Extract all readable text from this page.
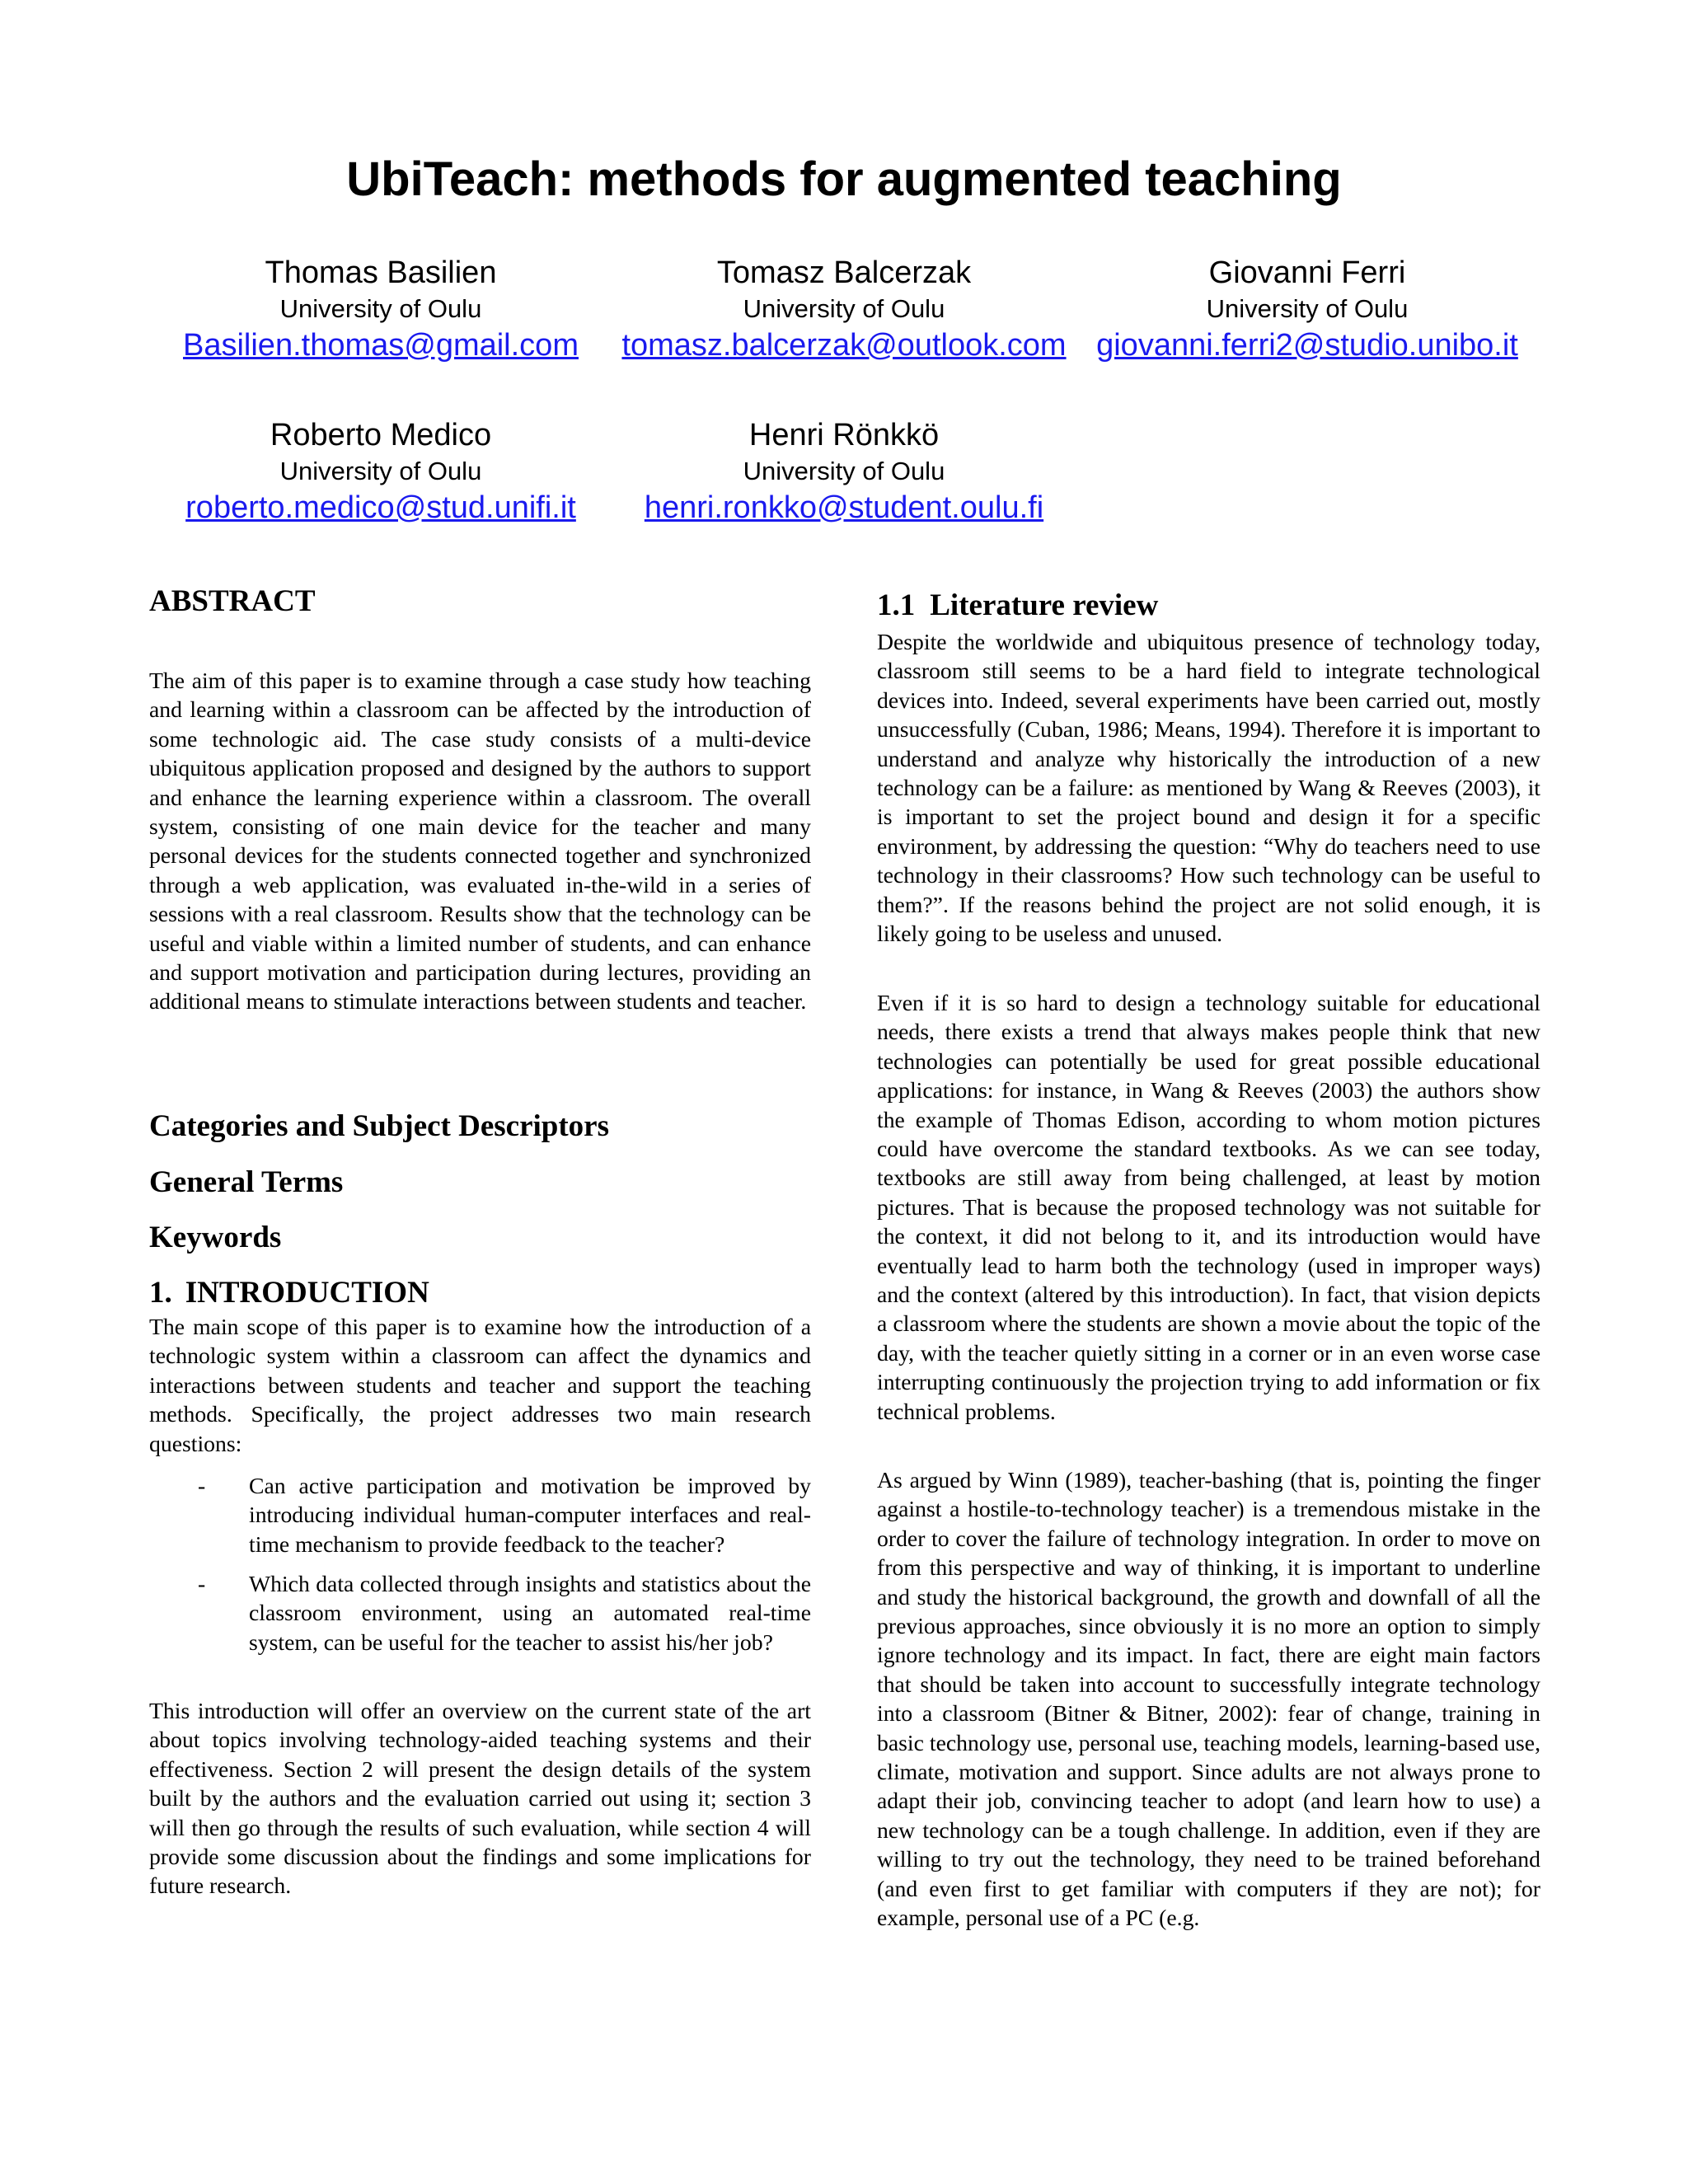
UbiTeach: methods for augmented teaching
Thomas Basilien
University of Oulu
Basilien.thomas@gmail.com
Tomasz Balcerzak
University of Oulu
tomasz.balcerzak@outlook.com
Giovanni Ferri
University of Oulu
giovanni.ferri2@studio.unibo.it
Roberto Medico
University of Oulu
roberto.medico@stud.unifi.it
Henri Rönkkö
University of Oulu
henri.ronkko@student.oulu.fi
ABSTRACT

The aim of this paper is to examine through a case study how teaching and learning within a classroom can be affected by the introduction of some technologic aid. The case study consists of a multi-device ubiquitous application proposed and designed by the authors to support and enhance the learning experience within a classroom. The overall system, consisting of one main device for the teacher and many personal devices for the students connected together and synchronized through a web application, was evaluated in-the-wild in a series of sessions with a real classroom. Results show that the technology can be useful and viable within a limited number of students, and can enhance and support motivation and participation during lectures, providing an additional means to stimulate interactions between students and teacher.

Categories and Subject Descriptors
General Terms
Keywords
1. INTRODUCTION

The main scope of this paper is to examine how the introduction of a technologic system within a classroom can affect the dynamics and interactions between students and teacher and support the teaching methods. Specifically, the project addresses two main research questions:

- Can active participation and motivation be improved by introducing individual human-computer interfaces and real-time mechanism to provide feedback to the teacher?
- Which data collected through insights and statistics about the classroom environment, using an automated real-time system, can be useful for the teacher to assist his/her job?

This introduction will offer an overview on the current state of the art about topics involving technology-aided teaching systems and their effectiveness. Section 2 will present the design details of the system built by the authors and the evaluation carried out using it; section 3 will then go through the results of such evaluation, while section 4 will provide some discussion about the findings and some implications for future research.

1.1 Literature review

Despite the worldwide and ubiquitous presence of technology today, classroom still seems to be a hard field to integrate technological devices into. Indeed, several experiments have been carried out, mostly unsuccessfully (Cuban, 1986; Means, 1994). Therefore it is important to understand and analyze why historically the introduction of a new technology can be a failure: as mentioned by Wang & Reeves (2003), it is important to set the project bound and design it for a specific environment, by addressing the question: “Why do teachers need to use technology in their classrooms? How such technology can be useful to them?”. If the reasons behind the project are not solid enough, it is likely going to be useless and unused.

Even if it is so hard to design a technology suitable for educational needs, there exists a trend that always makes people think that new technologies can potentially be used for great possible educational applications: for instance, in Wang & Reeves (2003) the authors show the example of Thomas Edison, according to whom motion pictures could have overcome the standard textbooks. As we can see today, textbooks are still away from being challenged, at least by motion pictures. That is because the proposed technology was not suitable for the context, it did not belong to it, and its introduction would have eventually lead to harm both the technology (used in improper ways) and the context (altered by this introduction). In fact, that vision depicts a classroom where the students are shown a movie about the topic of the day, with the teacher quietly sitting in a corner or in an even worse case interrupting continuously the projection trying to add information or fix technical problems.

As argued by Winn (1989), teacher-bashing (that is, pointing the finger against a hostile-to-technology teacher) is a tremendous mistake in the order to cover the failure of technology integration. In order to move on from this perspective and way of thinking, it is important to underline and study the historical background, the growth and downfall of all the previous approaches, since obviously it is no more an option to simply ignore technology and its impact. In fact, there are eight main factors that should be taken into account to successfully integrate technology into a classroom (Bitner & Bitner, 2002): fear of change, training in basic technology use, personal use, teaching models, learning-based use, climate, motivation and support. Since adults are not always prone to adapt their job, convincing teacher to adopt (and learn how to use) a new technology can be a tough challenge. In addition, even if they are willing to try out the technology, they need to be trained beforehand (and even first to get familiar with computers if they are not); for example, personal use of a PC (e.g.
